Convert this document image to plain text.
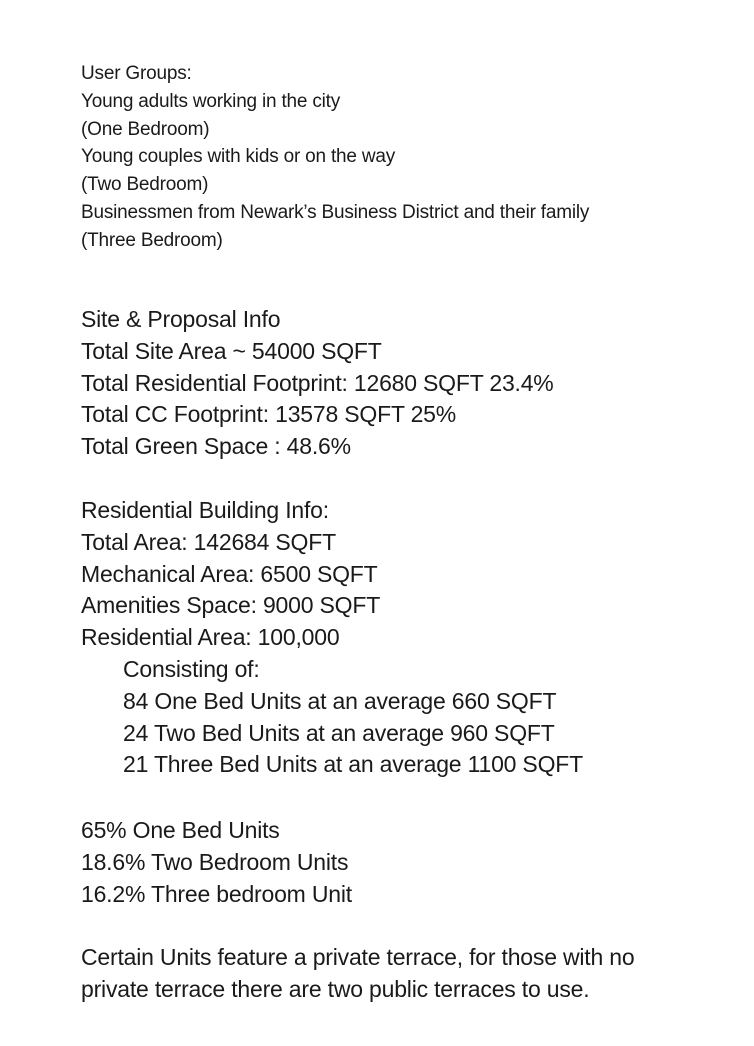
User Groups:
Young adults working in the city
(One Bedroom)
Young couples with kids or on the way
(Two Bedroom)
Businessmen from Newark’s Business District and their family
(Three Bedroom)
Site & Proposal Info
Total Site Area ~ 54000 SQFT
Total Residential Footprint: 12680 SQFT 23.4%
Total CC Footprint: 13578 SQFT 25%
Total Green Space : 48.6%
Residential Building Info:
Total Area: 142684 SQFT
Mechanical Area: 6500 SQFT
Amenities Space: 9000 SQFT
Residential Area: 100,000
Consisting of:
84 One Bed Units at an average 660 SQFT
24 Two Bed Units at an average 960 SQFT
21 Three Bed Units at an average 1100 SQFT
65% One Bed Units
18.6% Two Bedroom Units
16.2% Three bedroom Unit
Certain Units feature a private terrace, for those with no
private terrace there are two public terraces to use.
